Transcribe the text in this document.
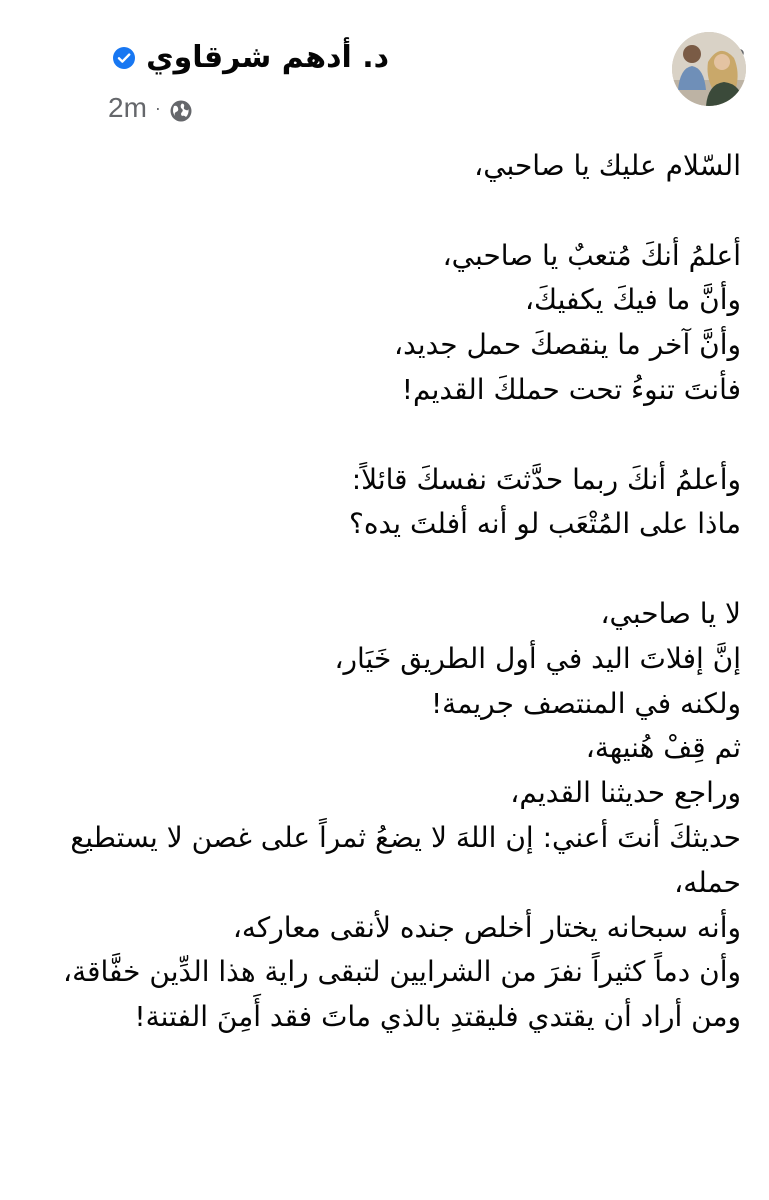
د. أدهم شرقاوي
2m ·
السّلام عليك يا صاحبي،
أعلمُ أنكَ مُتعبٌ يا صاحبي،
وأنَّ ما فيكَ يكفيكَ،
وأنَّ آخر ما ينقصكَ حمل جديد،
فأنتَ تنوءُ تحت حملكَ القديم!
وأعلمُ أنكَ ربما حدَّثتَ نفسكَ قائلاً:
ماذا على المُتْعَب لو أنه أفلتَ يده؟
لا يا صاحبي،
إنَّ إفلاتَ اليد في أول الطريق خَيَار،
ولكنه في المنتصف جريمة!
ثم قِفْ هُنيهة،
وراجع حديثنا القديم،
حديثكَ أنتَ أعني: إن اللهَ لا يضعُ ثمراً على غصن لا يستطيع حمله،
وأنه سبحانه يختار أخلص جنده لأنقى معاركه،
وأن دماً كثيراً نفرَ من الشرايين لتبقى راية هذا الدِّين خفَّاقة،
ومن أراد أن يقتدي فليقتدِ بالذي ماتَ فقد أَمِنَ الفتنة!
